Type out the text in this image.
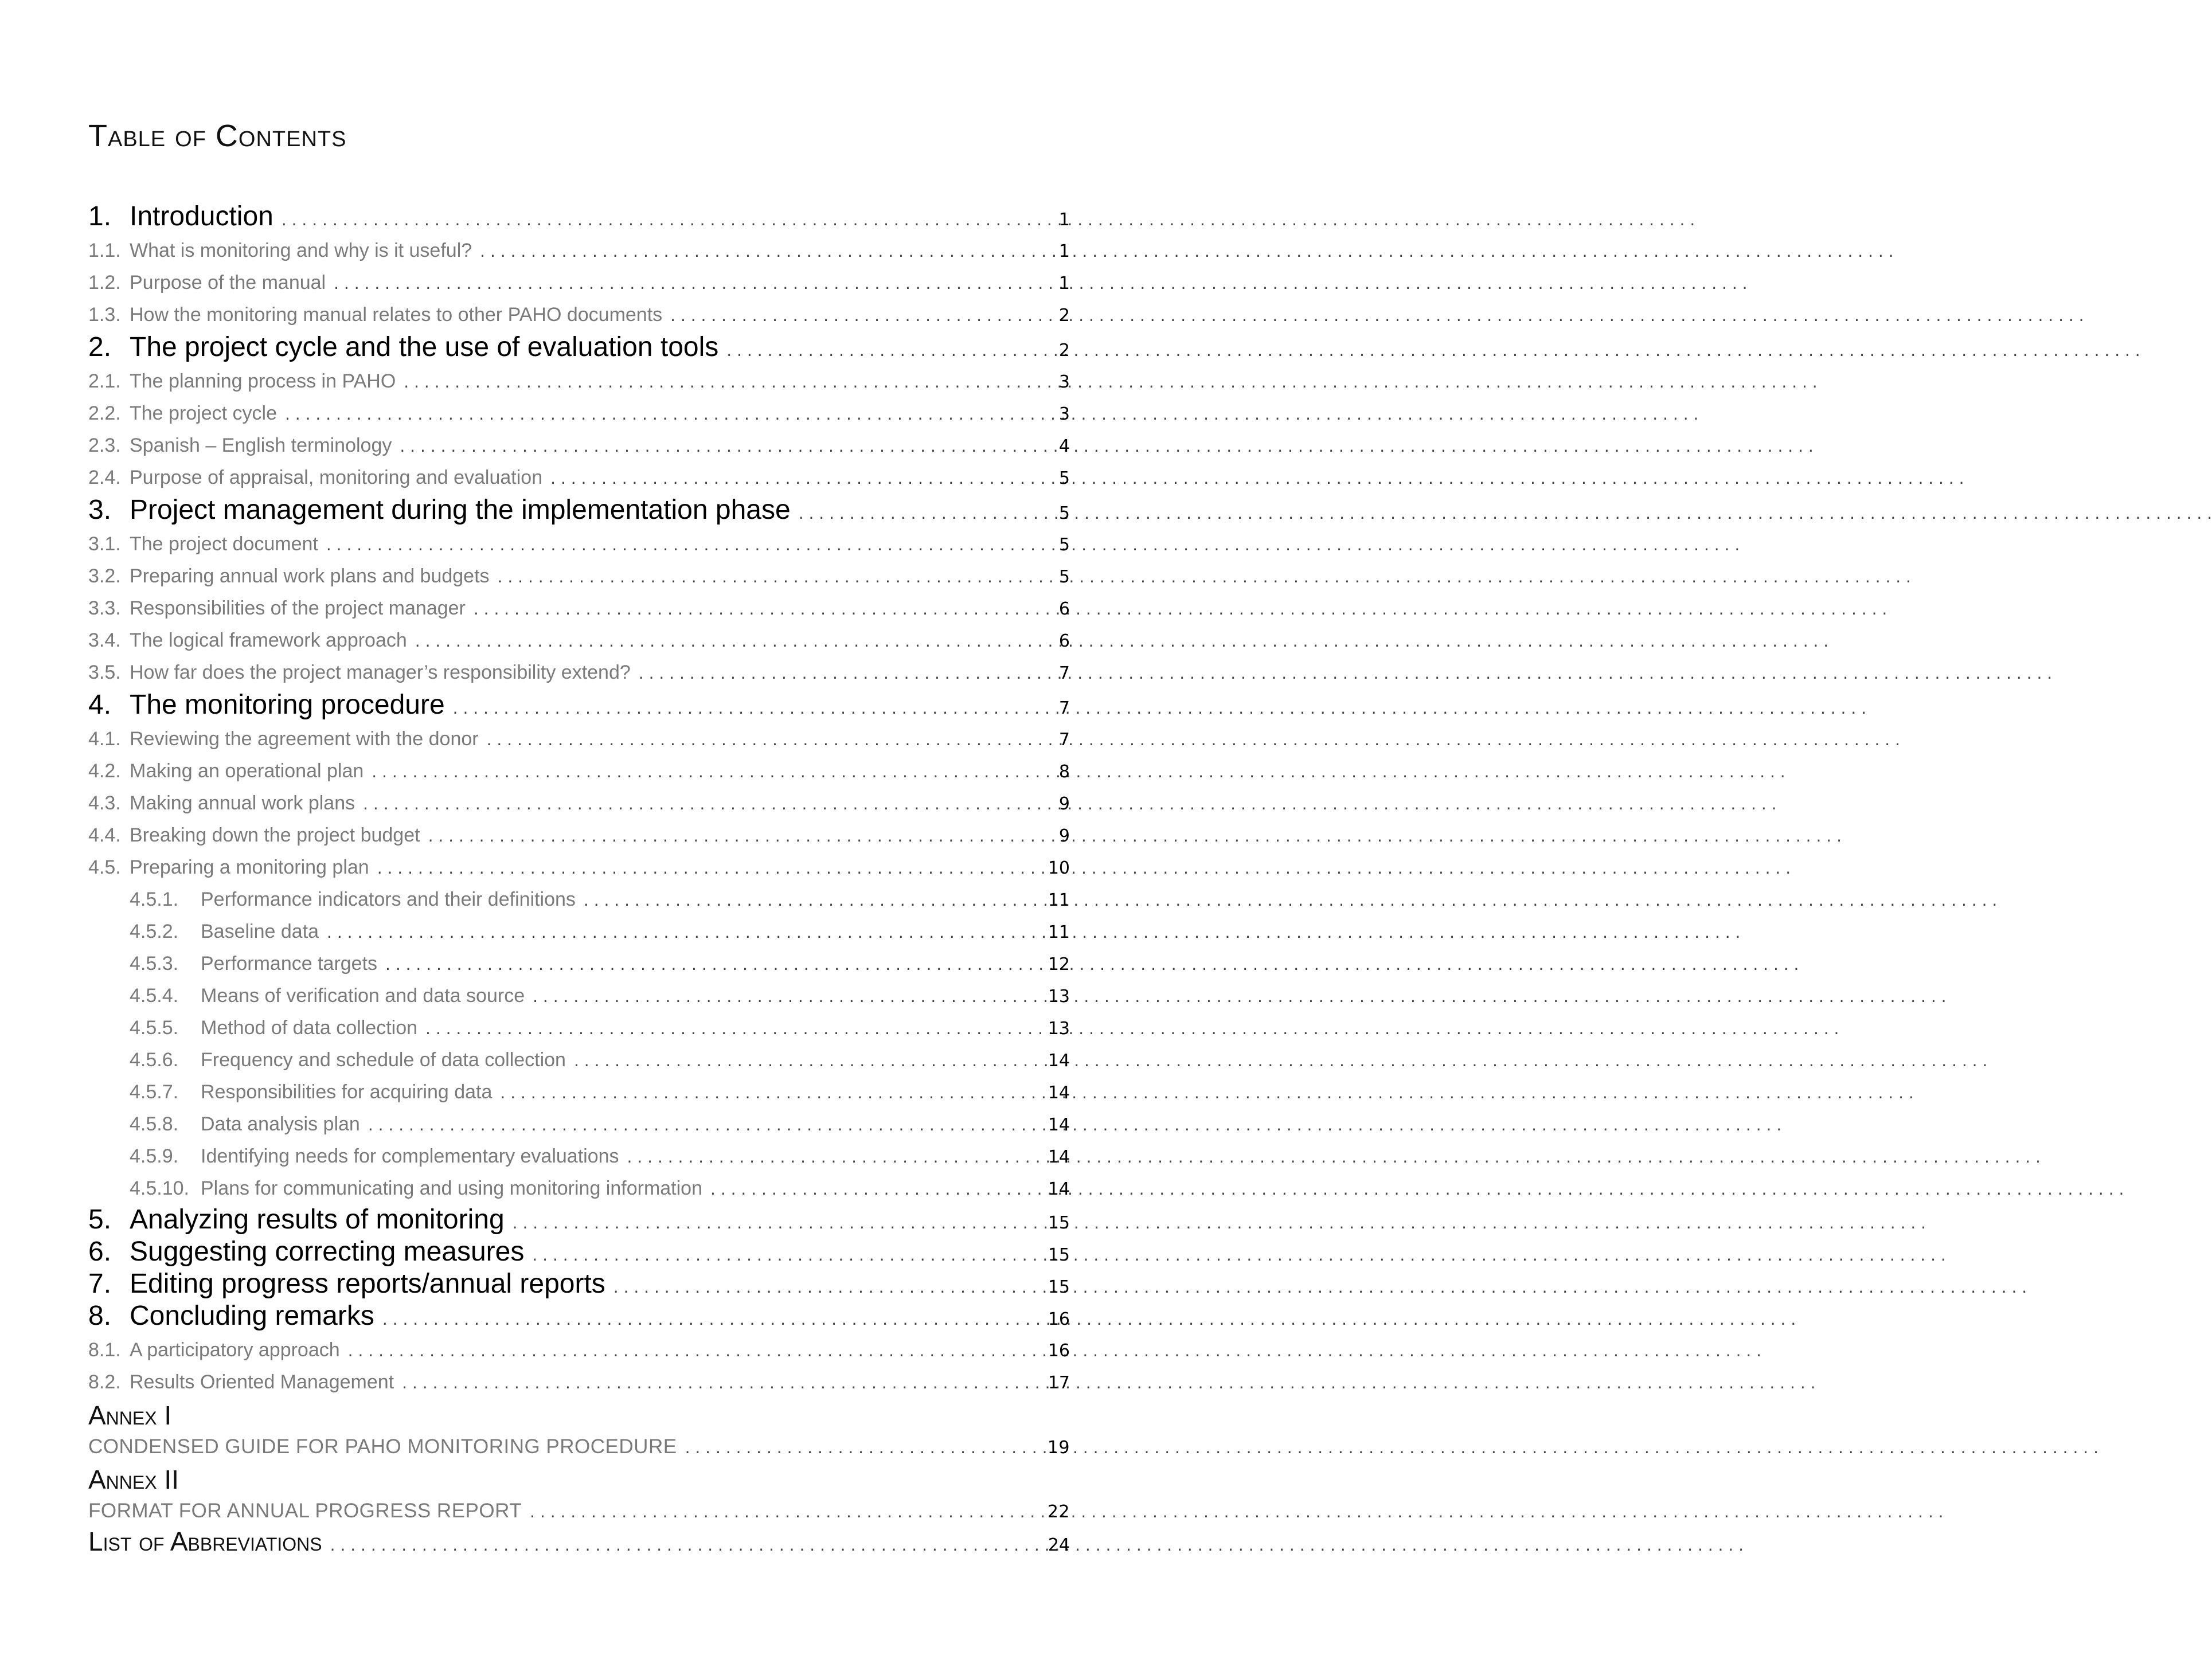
Table of Contents
1. Introduction . . .	1
1.1. What is monitoring and why is it useful? . . .	1
1.2. Purpose of the manual . . .	1
1.3. How the monitoring manual relates to other PAHO documents . . .	2
2. The project cycle and the use of evaluation tools . . .	2
2.1. The planning process in PAHO . . .	3
2.2. The project cycle . . .	3
2.3. Spanish – English terminology . . .	4
2.4. Purpose of appraisal, monitoring and evaluation . . .	5
3. Project management during the implementation phase . . .	5
3.1. The project document . . .	5
3.2. Preparing annual work plans and budgets . . .	5
3.3. Responsibilities of the project manager . . .	6
3.4. The logical framework approach . . .	6
3.5. How far does the project manager’s responsibility extend? . . .	7
4. The monitoring procedure . . .	7
4.1. Reviewing the agreement with the donor . . .	7
4.2. Making an operational plan . . .	8
4.3. Making annual work plans . . .	9
4.4. Breaking down the project budget . . .	9
4.5. Preparing a monitoring plan . . .	10
4.5.1.	Performance indicators and their definitions . . .	11
4.5.2.	Baseline data . . .	11
4.5.3.	Performance targets . . .	12
4.5.4.	Means of verification and data source . . .	13
4.5.5.	Method of data collection . . .	13
4.5.6.	Frequency and schedule of data collection . . .	14
4.5.7.	Responsibilities for acquiring data . . .	14
4.5.8.	Data analysis plan . . .	14
4.5.9.	Identifying needs for complementary evaluations . . .	14
4.5.10. Plans for communicating and using monitoring information . . .	14
5. Analyzing results of monitoring . . .	15
6. Suggesting correcting measures . . .	15
7. Editing progress reports/annual reports . . .	15
8. Concluding remarks . . .	16
8.1. A participatory approach . . .	16
8.2. Results Oriented Management . . .	17
Annex I
CONDENSED GUIDE FOR PAHO MONITORING PROCEDURE . . .	19
Annex II
FORMAT FOR ANNUAL PROGRESS REPORT . . .	22
List of Abbreviations . . .	24
